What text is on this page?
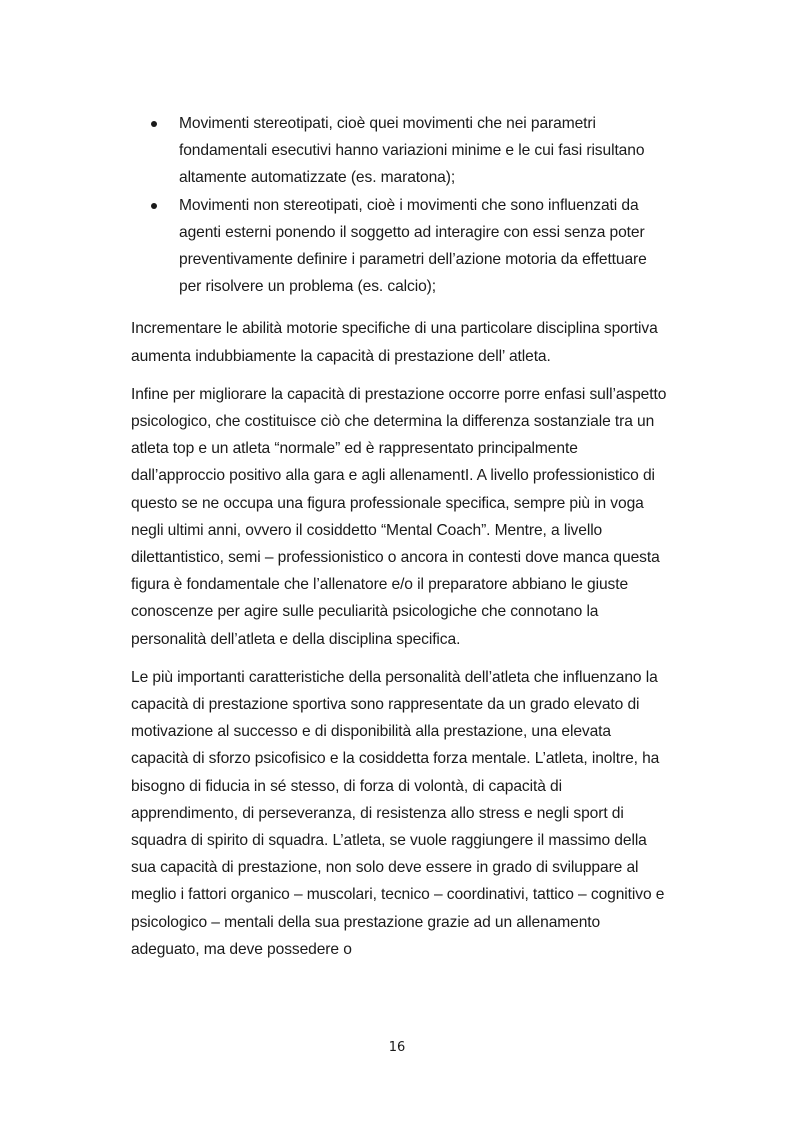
Movimenti stereotipati, cioè quei movimenti che nei parametri fondamentali esecutivi hanno variazioni minime e le cui fasi risultano altamente automatizzate (es. maratona);
Movimenti non stereotipati, cioè i movimenti che sono influenzati da agenti esterni ponendo il soggetto ad interagire con essi senza poter preventivamente definire i parametri dell’azione motoria da effettuare per risolvere un problema (es. calcio);

Incrementare le abilità motorie specifiche di una particolare disciplina sportiva aumenta indubbiamente la capacità di prestazione dell’ atleta.

Infine per migliorare la capacità di prestazione occorre porre enfasi sull’aspetto psicologico, che costituisce ciò che determina la differenza sostanziale tra un atleta top e un atleta “normale” ed è rappresentato principalmente dall’approccio positivo alla gara e agli allenamentI. A livello professionistico di questo se ne occupa una figura professionale specifica, sempre più in voga negli ultimi anni, ovvero il cosiddetto “Mental Coach”. Mentre, a livello dilettantistico, semi – professionistico o ancora in contesti dove manca questa figura è fondamentale che l’allenatore e/o il preparatore abbiano le giuste conoscenze per agire sulle peculiarità psicologiche che connotano la personalità dell’atleta e della disciplina specifica.

Le più importanti caratteristiche della personalità dell’atleta che influenzano la capacità di prestazione sportiva sono rappresentate da un grado elevato di motivazione al successo e di disponibilità alla prestazione, una elevata capacità di sforzo psicofisico e la cosiddetta forza mentale. L’atleta, inoltre, ha bisogno di fiducia in sé stesso, di forza di volontà, di capacità di apprendimento, di perseveranza, di resistenza allo stress e negli sport di squadra di spirito di squadra. L’atleta, se vuole raggiungere il massimo della sua capacità di prestazione, non solo deve essere in grado di sviluppare al meglio i fattori organico – muscolari, tecnico – coordinativi, tattico – cognitivo e psicologico – mentali della sua prestazione grazie ad un allenamento adeguato, ma deve possedere o

16
